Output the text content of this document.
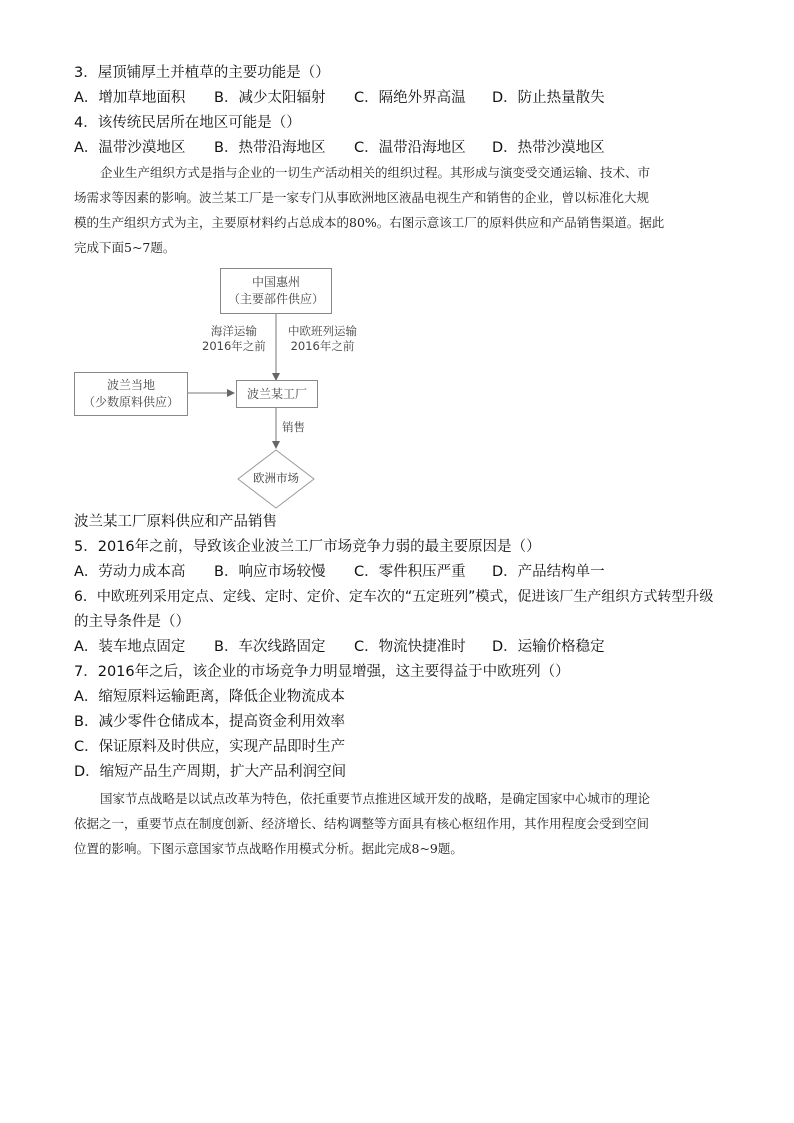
3．屋顶铺厚土并植草的主要功能是（）
A．增加草地面积 B．减少太阳辐射 C．隔绝外界高温 D．防止热量散失
4．该传统民居所在地区可能是（）
A．温带沙漠地区 B．热带沿海地区 C．温带沿海地区 D．热带沙漠地区
企业生产组织方式是指与企业的一切生产活动相关的组织过程。其形成与演变受交通运输、技术、市
场需求等因素的影响。波兰某工厂是一家专门从事欧洲地区液晶电视生产和销售的企业，曾以标准化大规
模的生产组织方式为主，主要原材料约占总成本的80%。右图示意该工厂的原料供应和产品销售渠道。据此
完成下面5~7题。
中国惠州
（主要部件供应）
海洋运输
2016年之前
中欧班列运输
2016年之前
波兰当地
（少数原料供应）
波兰某工厂
销售
欧洲市场
波兰某工厂原料供应和产品销售
5．2016年之前，导致该企业波兰工厂市场竞争力弱的最主要原因是（）
A．劳动力成本高 B．响应市场较慢 C．零件积压严重 D．产品结构单一
6．中欧班列采用定点、定线、定时、定价、定车次的“五定班列”模式，促进该厂生产组织方式转型升级
的主导条件是（）
A．装车地点固定 B．车次线路固定 C．物流快捷准时 D．运输价格稳定
7．2016年之后，该企业的市场竞争力明显增强，这主要得益于中欧班列（）
A．缩短原料运输距离，降低企业物流成本
B．减少零件仓储成本，提高资金利用效率
C．保证原料及时供应，实现产品即时生产
D．缩短产品生产周期，扩大产品利润空间
国家节点战略是以试点改革为特色，依托重要节点推进区域开发的战略，是确定国家中心城市的理论
依据之一，重要节点在制度创新、经济增长、结构调整等方面具有核心枢纽作用，其作用程度会受到空间
位置的影响。下图示意国家节点战略作用模式分析。据此完成8~9题。
